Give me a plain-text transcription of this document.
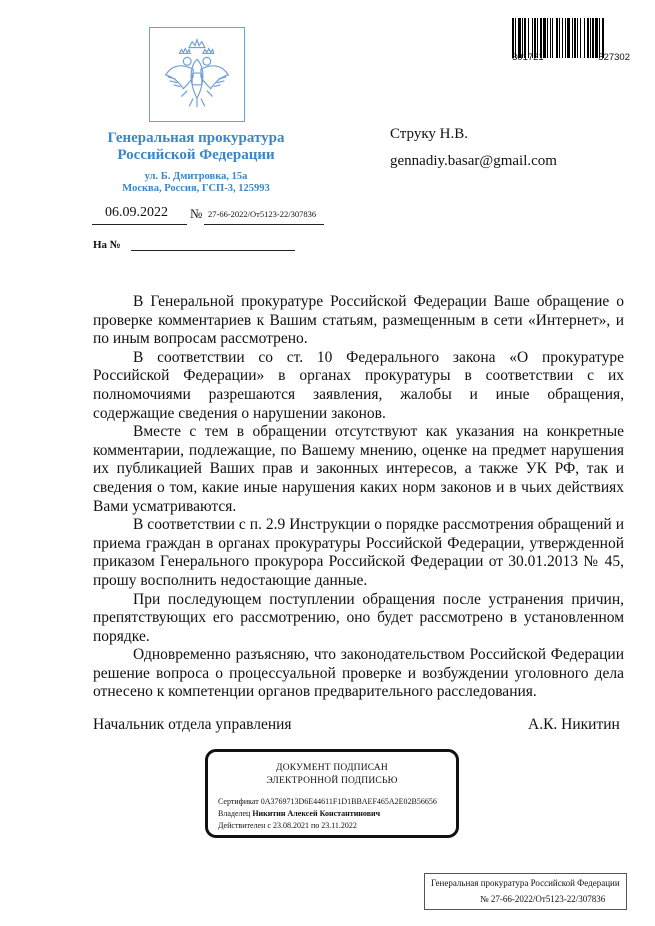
Генеральная прокуратура
Российской Федерации
ул. Б. Дмитровка, 15а
Москва, Россия, ГСП-3, 125993
301721	527302
Струку Н.В.
gennadiy.basar@gmail.com
06.09.2022 № 27-66-2022/От5123-22/307836
На №

В Генеральной прокуратуре Российской Федерации Ваше обращение о проверке комментариев к Вашим статьям, размещенным в сети «Интернет», и по иным вопросам рассмотрено.

В соответствии со ст. 10 Федерального закона «О прокуратуре Российской Федерации» в органах прокуратуры в соответствии с их полномочиями разрешаются заявления, жалобы и иные обращения, содержащие сведения о нарушении законов.

Вместе с тем в обращении отсутствуют как указания на конкретные комментарии, подлежащие, по Вашему мнению, оценке на предмет нарушения их публикацией Ваших прав и законных интересов, а также УК РФ, так и сведения о том, какие иные нарушения каких норм законов и в чьих действиях Вами усматриваются.

В соответствии с п. 2.9 Инструкции о порядке рассмотрения обращений и приема граждан в органах прокуратуры Российской Федерации, утвержденной приказом Генерального прокурора Российской Федерации от 30.01.2013 № 45, прошу восполнить недостающие данные.

При последующем поступлении обращения после устранения причин, препятствующих его рассмотрению, оно будет рассмотрено в установленном порядке.

Одновременно разъясняю, что законодательством Российской Федерации решение вопроса о процессуальной проверке и возбуждении уголовного дела отнесено к компетенции органов предварительного расследования.

Начальник отдела управления	А.К. Никитин
ДОКУМЕНТ ПОДПИСАН
ЭЛЕКТРОННОЙ ПОДПИСЬЮ
Сертификат 0A3769713D6E44611F1D1BBAEF465A2E02B56656
Владелец Никитин Алексей Константинович
Действителен с 23.08.2021 по 23.11.2022
Генеральная прокуратура Российской Федерации
№ 27-66-2022/От5123-22/307836
